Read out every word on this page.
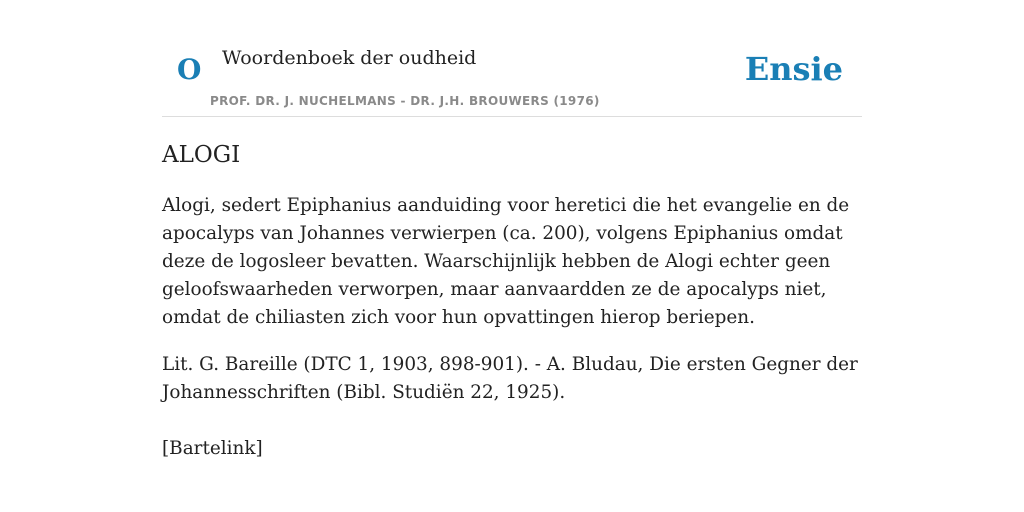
O Woordenboek der oudheid
PROF. DR. J. NUCHELMANS - DR. J.H. BROUWERS (1976)
Ensie
ALOGI

Alogi, sedert Epiphanius aanduiding voor heretici die het evangelie en de apocalyps van Johannes verwierpen (ca. 200), volgens Epiphanius omdat deze de logosleer bevatten. Waarschijnlijk hebben de Alogi echter geen geloofswaarheden verworpen, maar aanvaardden ze de apocalyps niet, omdat de chiliasten zich voor hun opvattingen hierop beriepen.

Lit. G. Bareille (DTC 1, 1903, 898-901). - A. Bludau, Die ersten Gegner der Johannesschriften (Bibl. Studiën 22, 1925).

[Bartelink]
